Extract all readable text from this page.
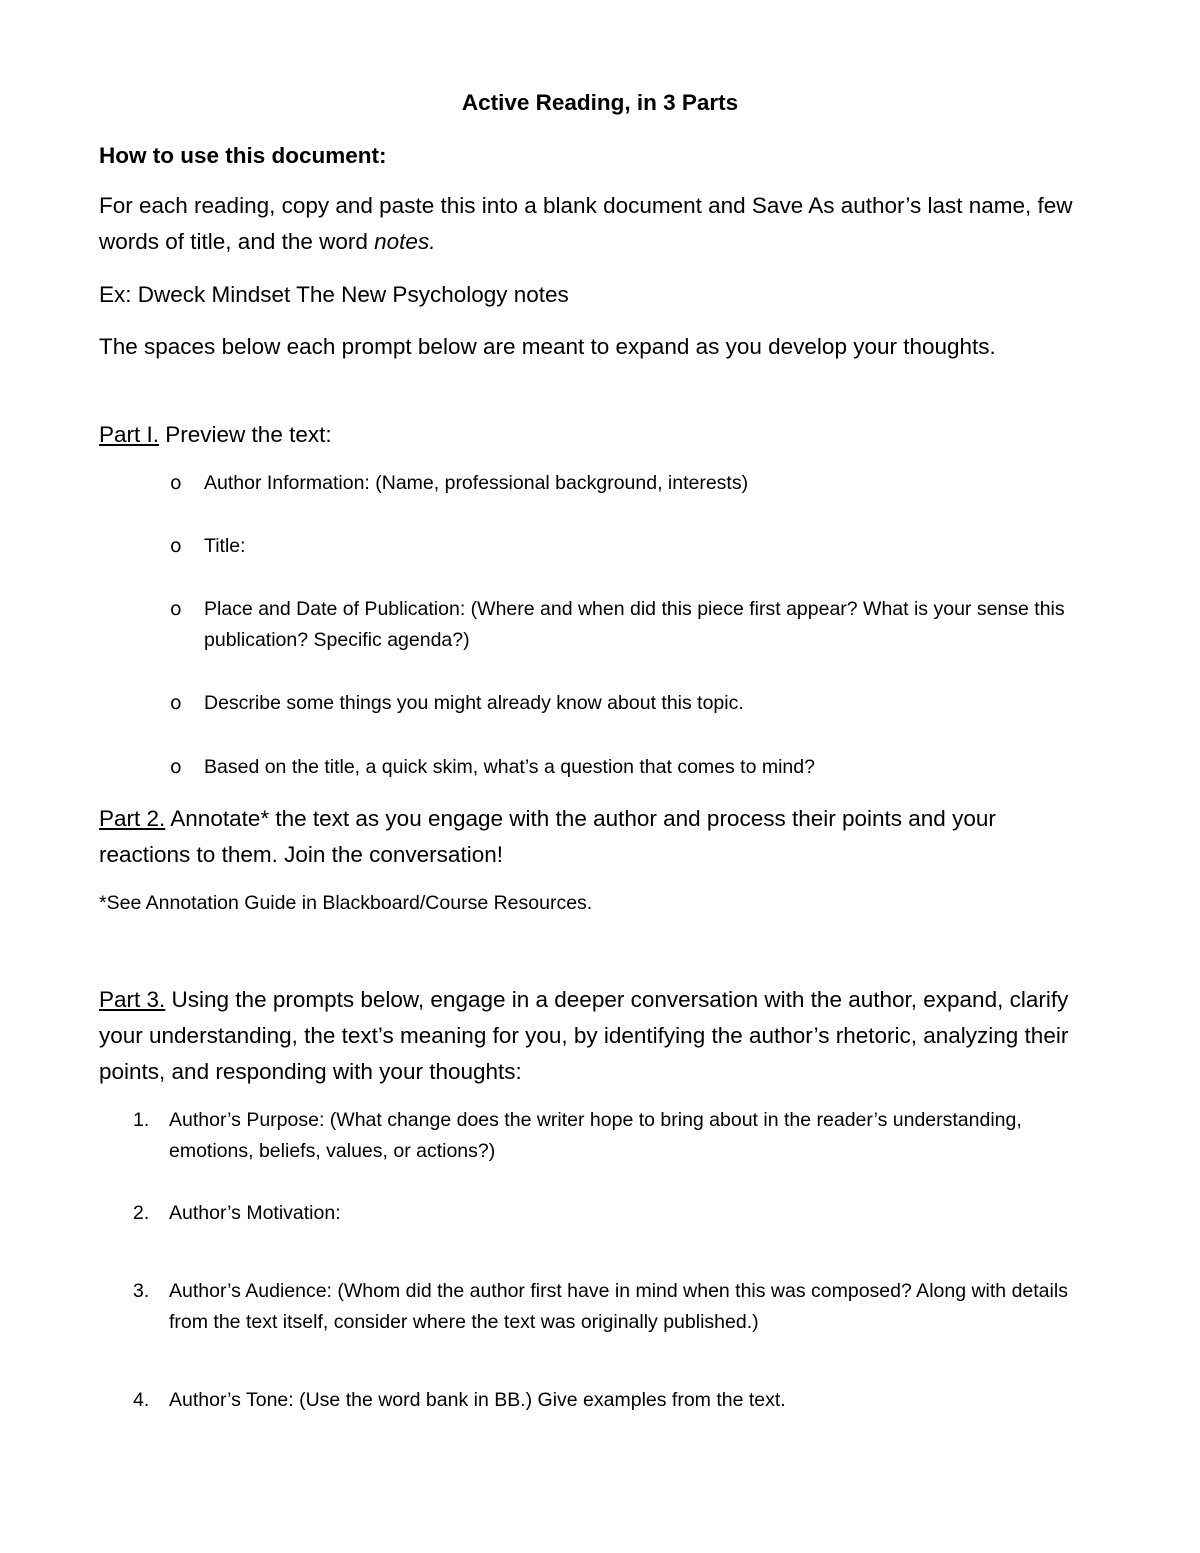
Active Reading, in 3 Parts
How to use this document:
For each reading, copy and paste this into a blank document and Save As author’s last name, few words of title, and the word notes.
Ex: Dweck Mindset The New Psychology notes
The spaces below each prompt below are meant to expand as you develop your thoughts.
Part I. Preview the text:
o Author Information: (Name, professional background, interests)
o Title:
o Place and Date of Publication: (Where and when did this piece first appear? What is your sense this publication? Specific agenda?)
o Describe some things you might already know about this topic.
o Based on the title, a quick skim, what’s a question that comes to mind?
Part 2. Annotate* the text as you engage with the author and process their points and your reactions to them. Join the conversation!
*See Annotation Guide in Blackboard/Course Resources.
Part 3. Using the prompts below, engage in a deeper conversation with the author, expand, clarify your understanding, the text’s meaning for you, by identifying the author’s rhetoric, analyzing their points, and responding with your thoughts:
1. Author’s Purpose: (What change does the writer hope to bring about in the reader’s understanding, emotions, beliefs, values, or actions?)
2. Author’s Motivation:
3. Author’s Audience: (Whom did the author first have in mind when this was composed? Along with details from the text itself, consider where the text was originally published.)
4. Author’s Tone: (Use the word bank in BB.) Give examples from the text.
